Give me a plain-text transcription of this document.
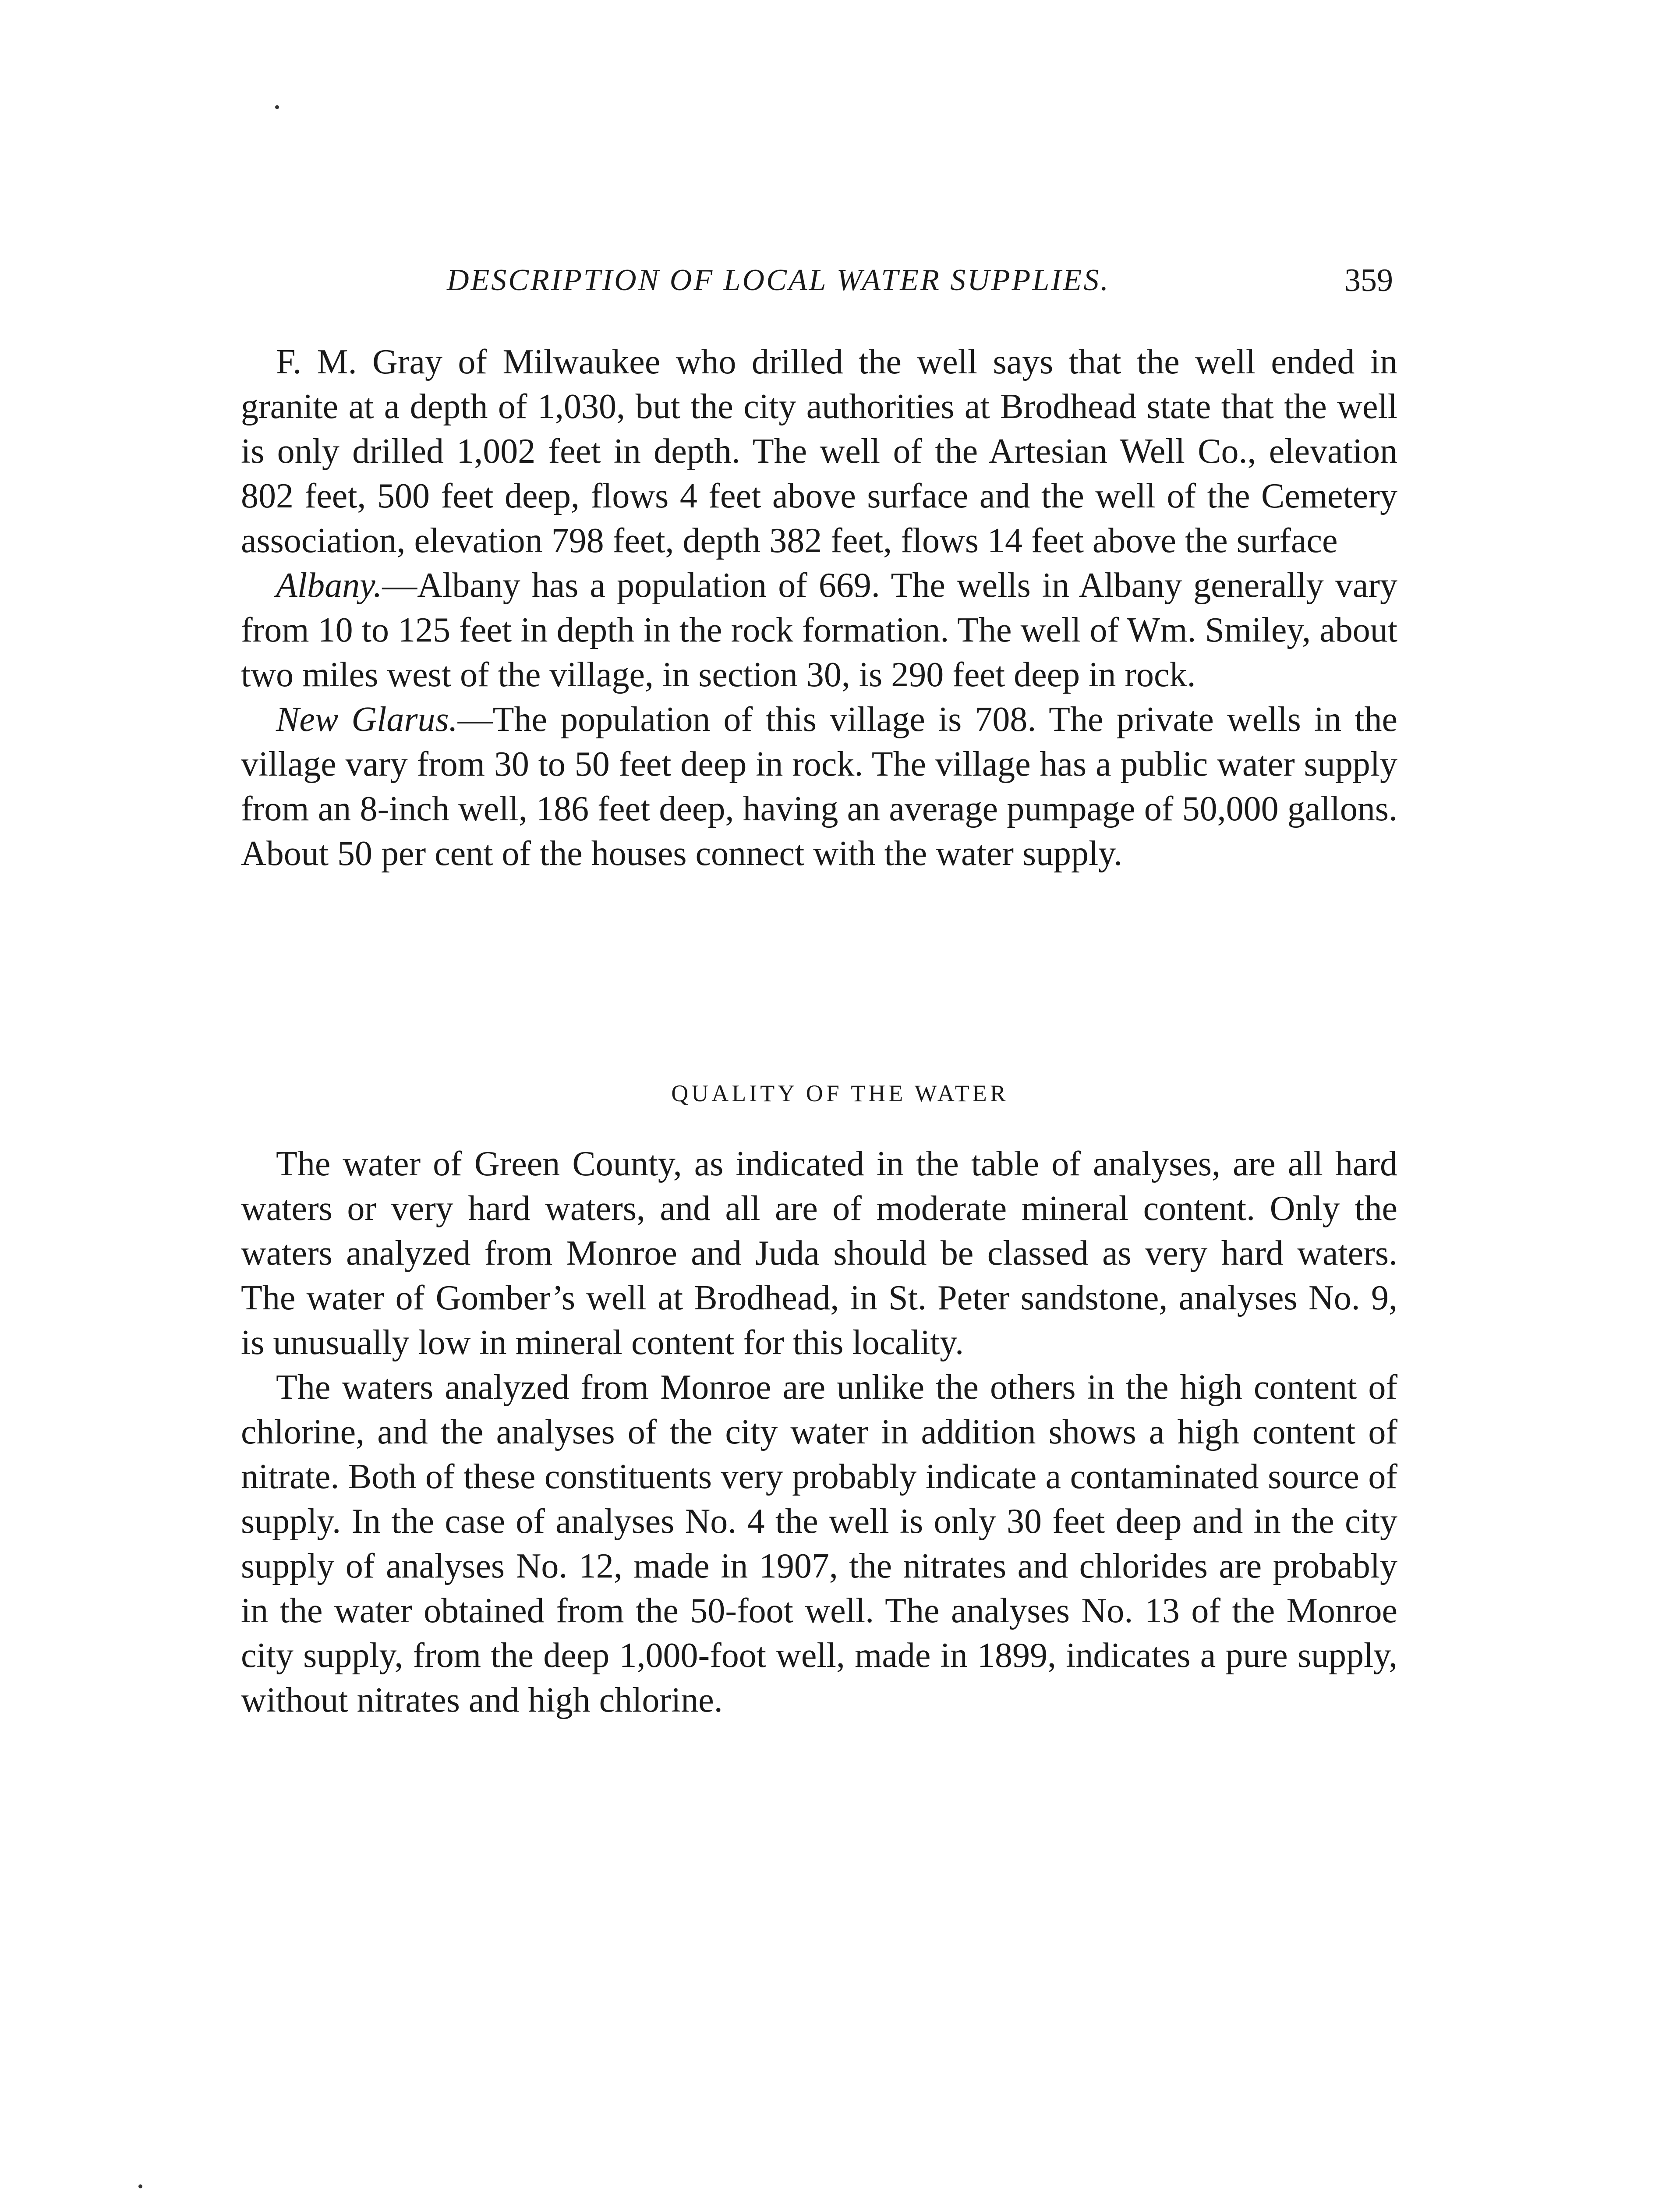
DESCRIPTION OF LOCAL WATER SUPPLIES.	359

F. M. Gray of Milwaukee who drilled the well says that the well ended in granite at a depth of 1,030, but the city authorities at Brodhead state that the well is only drilled 1,002 feet in depth. The well of the Artesian Well Co., elevation 802 feet, 500 feet deep, flows 4 feet above surface and the well of the Cemetery association, elevation 798 feet, depth 382 feet, flows 14 feet above the surface

Albany.—Albany has a population of 669. The wells in Albany generally vary from 10 to 125 feet in depth in the rock formation. The well of Wm. Smiley, about two miles west of the village, in section 30, is 290 feet deep in rock.

New Glarus.—The population of this village is 708. The private wells in the village vary from 30 to 50 feet deep in rock. The village has a public water supply from an 8-inch well, 186 feet deep, having an average pumpage of 50,000 gallons. About 50 per cent of the houses connect with the water supply.

QUALITY OF THE WATER

The water of Green County, as indicated in the table of analyses, are all hard waters or very hard waters, and all are of moderate mineral content. Only the waters analyzed from Monroe and Juda should be classed as very hard waters. The water of Gomber’s well at Brodhead, in St. Peter sandstone, analyses No. 9, is unusually low in mineral content for this locality.

The waters analyzed from Monroe are unlike the others in the high content of chlorine, and the analyses of the city water in addition shows a high content of nitrate. Both of these constituents very probably indicate a contaminated source of supply. In the case of analyses No. 4 the well is only 30 feet deep and in the city supply of analyses No. 12, made in 1907, the nitrates and chlorides are probably in the water obtained from the 50-foot well. The analyses No. 13 of the Monroe city supply, from the deep 1,000-foot well, made in 1899, indicates a pure supply, without nitrates and high chlorine.
